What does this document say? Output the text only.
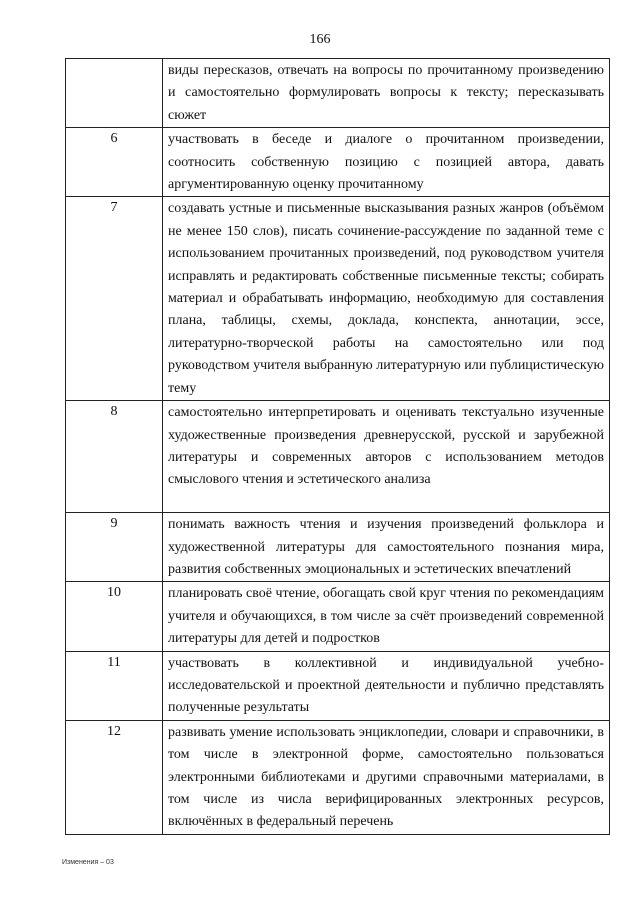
166
	виды пересказов, отвечать на вопросы по прочитанному произведению и самостоятельно формулировать вопросы к тексту; пересказывать сюжет
6	участвовать в беседе и диалоге о прочитанном произведении, соотносить собственную позицию с позицией автора, давать аргументированную оценку прочитанному
7	создавать устные и письменные высказывания разных жанров (объёмом не менее 150 слов), писать сочинение-рассуждение по заданной теме с использованием прочитанных произведений, под руководством учителя исправлять и редактировать собственные письменные тексты; собирать материал и обрабатывать информацию, необходимую для составления плана, таблицы, схемы, доклада, конспекта, аннотации, эссе, литературно-творческой работы на самостоятельно или под руководством учителя выбранную литературную или публицистическую тему
8	самостоятельно интерпретировать и оценивать текстуально изученные художественные произведения древнерусской, русской и зарубежной литературы и современных авторов с использованием методов смыслового чтения и эстетического анализа
9	понимать важность чтения и изучения произведений фольклора и художественной литературы для самостоятельного познания мира, развития собственных эмоциональных и эстетических впечатлений
10	планировать своё чтение, обогащать свой круг чтения по рекомендациям учителя и обучающихся, в том числе за счёт произведений современной литературы для детей и подростков
11	участвовать в коллективной и индивидуальной учебно-исследовательской и проектной деятельности и публично представлять полученные результаты
12	развивать умение использовать энциклопедии, словари и справочники, в том числе в электронной форме, самостоятельно пользоваться электронными библиотеками и другими справочными материалами, в том числе из числа верифицированных электронных ресурсов, включённых в федеральный перечень
Изменения – 03
